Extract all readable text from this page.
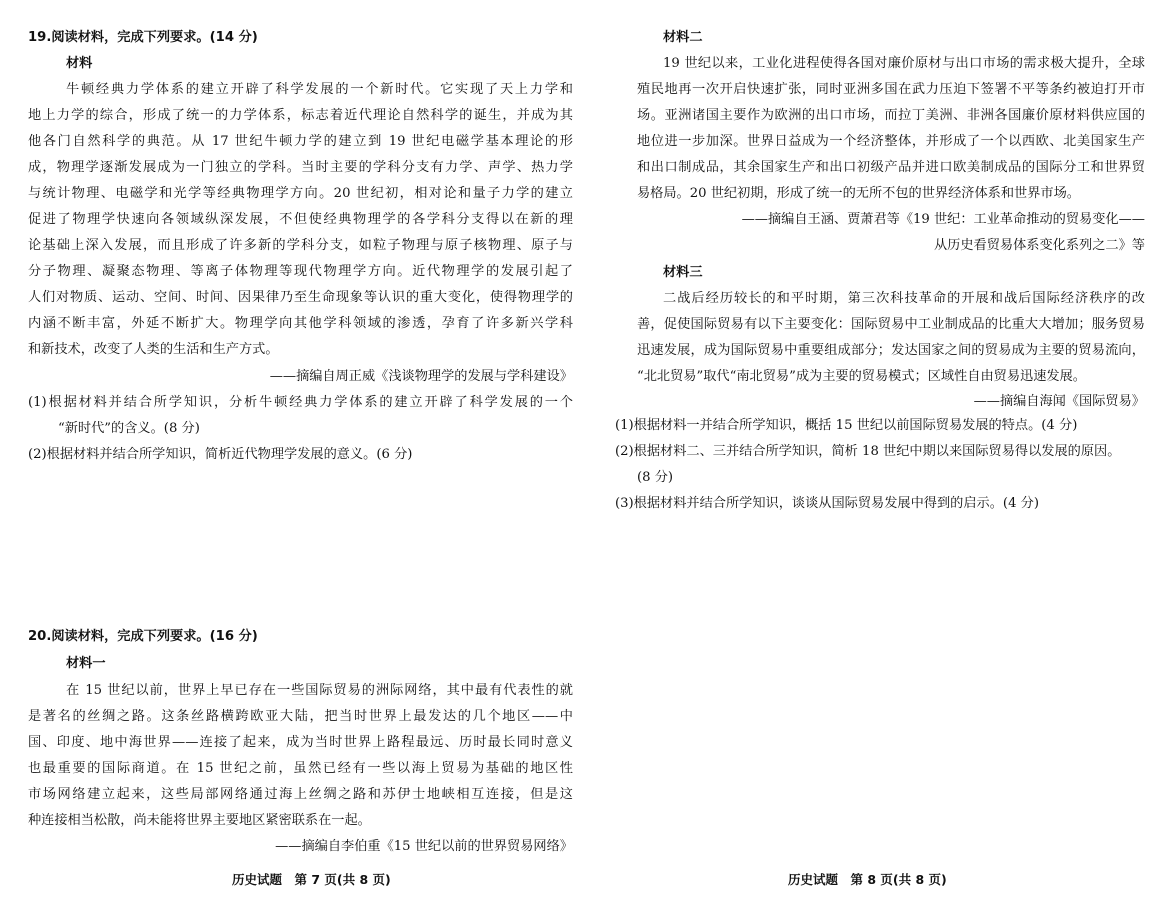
19.阅读材料，完成下列要求。(14 分)
材料
牛顿经典力学体系的建立开辟了科学发展的一个新时代。它实现了天上力学和
地上力学的综合，形成了统一的力学体系，标志着近代理论自然科学的诞生，并成为其
他各门自然科学的典范。从 17 世纪牛顿力学的建立到 19 世纪电磁学基本理论的形
成，物理学逐渐发展成为一门独立的学科。当时主要的学科分支有力学、声学、热力学
与统计物理、电磁学和光学等经典物理学方向。20 世纪初，相对论和量子力学的建立
促进了物理学快速向各领域纵深发展，不但使经典物理学的各学科分支得以在新的理
论基础上深入发展，而且形成了许多新的学科分支，如粒子物理与原子核物理、原子与
分子物理、凝聚态物理、等离子体物理等现代物理学方向。近代物理学的发展引起了
人们对物质、运动、空间、时间、因果律乃至生命现象等认识的重大变化，使得物理学的
内涵不断丰富，外延不断扩大。物理学向其他学科领域的渗透，孕育了许多新兴学科
和新技术，改变了人类的生活和生产方式。
——摘编自周正威《浅谈物理学的发展与学科建设》
(1)根据材料并结合所学知识，分析牛顿经典力学体系的建立开辟了科学发展的一个
“新时代”的含义。(8 分)
(2)根据材料并结合所学知识，简析近代物理学发展的意义。(6 分)
20.阅读材料，完成下列要求。(16 分)
材料一
在 15 世纪以前，世界上早已存在一些国际贸易的洲际网络，其中最有代表性的就
是著名的丝绸之路。这条丝路横跨欧亚大陆，把当时世界上最发达的几个地区——中
国、印度、地中海世界——连接了起来，成为当时世界上路程最远、历时最长同时意义
也最重要的国际商道。在 15 世纪之前，虽然已经有一些以海上贸易为基础的地区性
市场网络建立起来，这些局部网络通过海上丝绸之路和苏伊士地峡相互连接，但是这
种连接相当松散，尚未能将世界主要地区紧密联系在一起。
——摘编自李伯重《15 世纪以前的世界贸易网络》
历史试题　第 7 页(共 8 页)
材料二
19 世纪以来，工业化进程使得各国对廉价原材与出口市场的需求极大提升，全球
殖民地再一次开启快速扩张，同时亚洲多国在武力压迫下签署不平等条约被迫打开市
场。亚洲诸国主要作为欧洲的出口市场，而拉丁美洲、非洲各国廉价原材料供应国的
地位进一步加深。世界日益成为一个经济整体，并形成了一个以西欧、北美国家生产
和出口制成品，其余国家生产和出口初级产品并进口欧美制成品的国际分工和世界贸
易格局。20 世纪初期，形成了统一的无所不包的世界经济体系和世界市场。
——摘编自王涵、贾萧君等《19 世纪：工业革命推动的贸易变化——
从历史看贸易体系变化系列之二》等
材料三
二战后经历较长的和平时期，第三次科技革命的开展和战后国际经济秩序的改
善，促使国际贸易有以下主要变化：国际贸易中工业制成品的比重大大增加；服务贸易
迅速发展，成为国际贸易中重要组成部分；发达国家之间的贸易成为主要的贸易流向，
“北北贸易”取代“南北贸易”成为主要的贸易模式；区域性自由贸易迅速发展。
——摘编自海闻《国际贸易》
(1)根据材料一并结合所学知识，概括 15 世纪以前国际贸易发展的特点。(4 分)
(2)根据材料二、三并结合所学知识，简析 18 世纪中期以来国际贸易得以发展的原因。
(8 分)
(3)根据材料并结合所学知识，谈谈从国际贸易发展中得到的启示。(4 分)
历史试题　第 8 页(共 8 页)
